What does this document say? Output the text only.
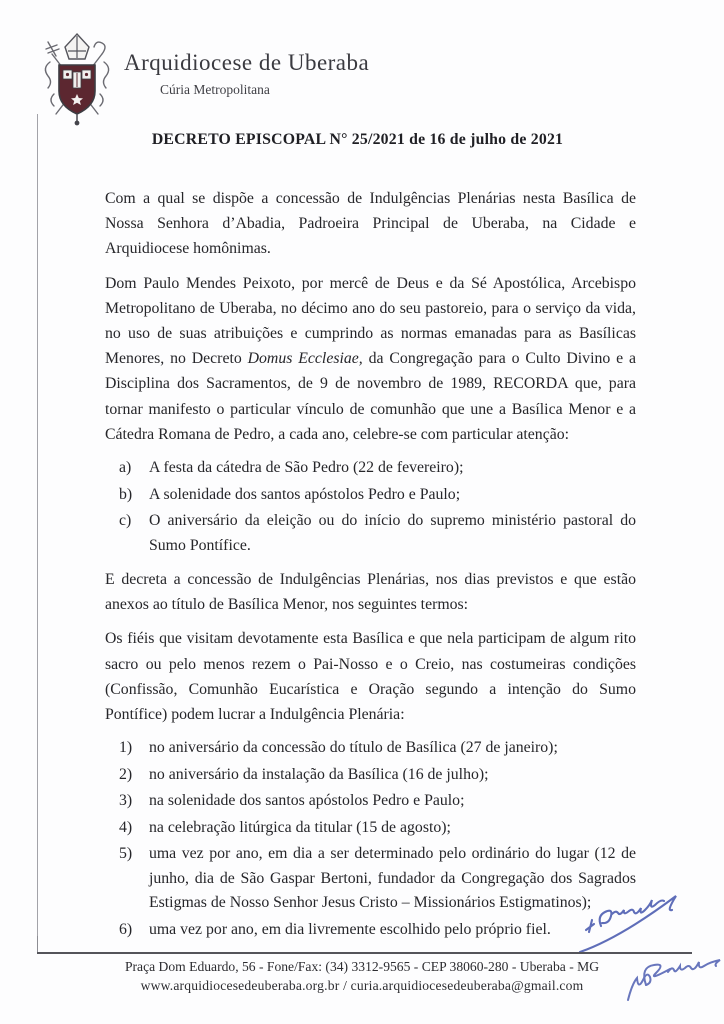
Arquidiocese de Uberaba
Cúria Metropolitana
DECRETO EPISCOPAL N° 25/2021 de 16 de julho de 2021

Com a qual se dispõe a concessão de Indulgências Plenárias nesta Basílica de Nossa Senhora d’Abadia, Padroeira Principal de Uberaba, na Cidade e Arquidiocese homônimas.

Dom Paulo Mendes Peixoto, por mercê de Deus e da Sé Apostólica, Arcebispo Metropolitano de Uberaba, no décimo ano do seu pastoreio, para o serviço da vida, no uso de suas atribuições e cumprindo as normas emanadas para as Basílicas Menores, no Decreto Domus Ecclesiae, da Congregação para o Culto Divino e a Disciplina dos Sacramentos, de 9 de novembro de 1989, RECORDA que, para tornar manifesto o particular vínculo de comunhão que une a Basílica Menor e a Cátedra Romana de Pedro, a cada ano, celebre-se com particular atenção:

a)	A festa da cátedra de São Pedro (22 de fevereiro);
b)	A solenidade dos santos apóstolos Pedro e Paulo;
c)	O aniversário da eleição ou do início do supremo ministério pastoral do Sumo Pontífice.

E decreta a concessão de Indulgências Plenárias, nos dias previstos e que estão anexos ao título de Basílica Menor, nos seguintes termos:

Os fiéis que visitam devotamente esta Basílica e que nela participam de algum rito sacro ou pelo menos rezem o Pai-Nosso e o Creio, nas costumeiras condições (Confissão, Comunhão Eucarística e Oração segundo a intenção do Sumo Pontífice) podem lucrar a Indulgência Plenária:

1)	no aniversário da concessão do título de Basílica (27 de janeiro);
2)	no aniversário da instalação da Basílica (16 de julho);
3)	na solenidade dos santos apóstolos Pedro e Paulo;
4)	na celebração litúrgica da titular (15 de agosto);
5)	uma vez por ano, em dia a ser determinado pelo ordinário do lugar (12 de junho, dia de São Gaspar Bertoni, fundador da Congregação dos Sagrados Estigmas de Nosso Senhor Jesus Cristo – Missionários Estigmatinos);
6)	uma vez por ano, em dia livremente escolhido pelo próprio fiel.
Praça Dom Eduardo, 56 - Fone/Fax: (34) 3312-9565 - CEP 38060-280 - Uberaba - MG
www.arquidiocesedeuberaba.org.br / curia.arquidiocesedeuberaba@gmail.com
